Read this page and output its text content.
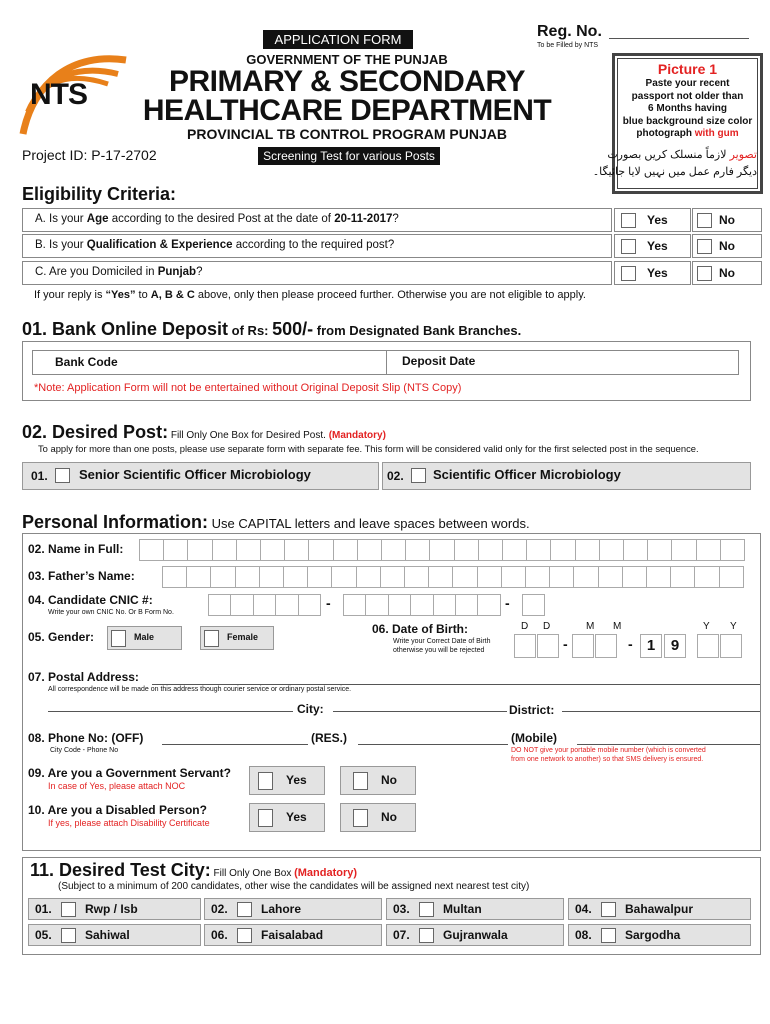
APPLICATION FORM	Reg. No.
To be Filled by NTS
NTS
GOVERNMENT OF THE PUNJAB
PRIMARY & SECONDARY
HEALTHCARE DEPARTMENT
PROVINCIAL TB CONTROL PROGRAM PUNJAB
Project ID: P-17-2702	Screening Test for various Posts
Picture 1
Paste your recent
passport not older than
6 Months having
blue background size color
photograph with gum
تصویر لازماً منسلک کریں بصورت
دیگر فارم عمل میں نہیں لایا جائیگا۔
Eligibility Criteria:
A. Is your Age according to the desired Post at the date of 20-11-2017?	Yes	No
B. Is your Qualification & Experience according to the required post?	Yes	No
C. Are you Domiciled in Punjab?	Yes	No
If your reply is “Yes” to A, B & C above, only then please proceed further. Otherwise you are not eligible to apply.
01. Bank Online Deposit of Rs: 500/- from Designated Bank Branches.
Bank Code	Deposit Date
*Note: Application Form will not be entertained without Original Deposit Slip (NTS Copy)
02. Desired Post: Fill Only One Box for Desired Post. (Mandatory)
To apply for more than one posts, please use separate form with separate fee. This form will be considered valid only for the first selected post in the sequence.
01. Senior Scientific Officer Microbiology	02. Scientific Officer Microbiology
Personal Information: Use CAPITAL letters and leave spaces between words.
02. Name in Full:
03. Father’s Name:
04. Candidate CNIC #:
Write your own CNIC No. Or B Form No.
-	-
05. Gender:	Male	Female
06. Date of Birth:
Write your Correct Date of Birth
otherwise you will be rejected
D D	M M	Y Y
1	9
-	-
07. Postal Address:
All correspondence will be made on this address though courier service or ordinary postal service.
City:	District:
08. Phone No: (OFF)
City Code - Phone No
(RES.)	(Mobile)
DO NOT give your portable mobile number (which is converted
from one network to another) so that SMS delivery is ensured.
09. Are you a Government Servant?
In case of Yes, please attach NOC
10. Are you a Disabled Person?
If yes, please attach Disability Certificate
Yes	No
Yes	No
11. Desired Test City: Fill Only One Box (Mandatory)
(Subject to a minimum of 200 candidates, other wise the candidates will be assigned next nearest test city)
01.	Rwp / Isb	02.	Lahore	03.	Multan	04.	Bahawalpur
05.	Sahiwal	06.	Faisalabad	07.	Gujranwala	08.	Sargodha
